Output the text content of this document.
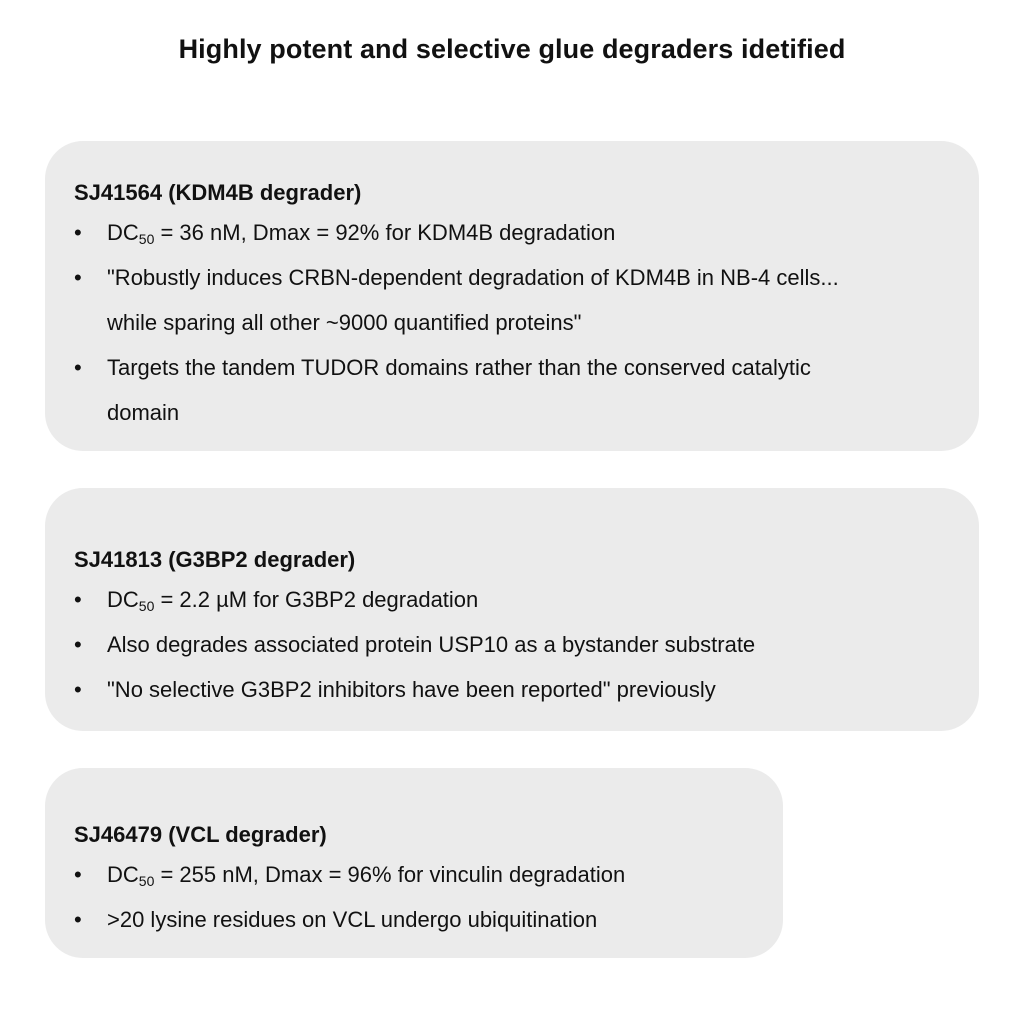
Highly potent and selective glue degraders idetified
SJ41564 (KDM4B degrader)
• $DC_{50} = 36$ nM, Dmax = 92% for KDM4B degradation
• "Robustly induces CRBN-dependent degradation of KDM4B in NB-4 cells...
while sparing all other ~9000 quantified proteins"
• Targets the tandem TUDOR domains rather than the conserved catalytic
domain
SJ41813 (G3BP2 degrader)
• $DC_{50} = 2.2$ µM for G3BP2 degradation
• Also degrades associated protein USP10 as a bystander substrate
• "No selective G3BP2 inhibitors have been reported" previously
SJ46479 (VCL degrader)
• $DC_{50} = 255$ nM, Dmax = 96% for vinculin degradation
• >20 lysine residues on VCL undergo ubiquitination
